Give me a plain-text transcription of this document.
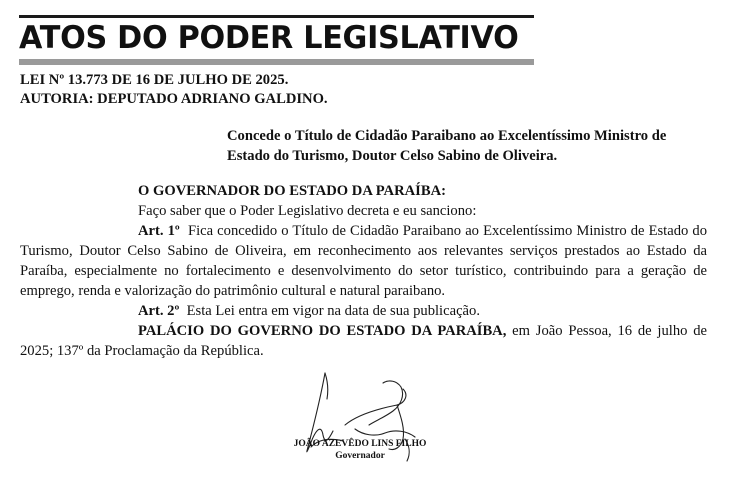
ATOS DO PODER LEGISLATIVO
LEI Nº 13.773 DE 16 DE JULHO DE 2025.
AUTORIA: DEPUTADO ADRIANO GALDINO.
Concede o Título de Cidadão Paraibano ao Excelentíssimo Ministro de Estado do Turismo, Doutor Celso Sabino de Oliveira.

O GOVERNADOR DO ESTADO DA PARAÍBA:

Faço saber que o Poder Legislativo decreta e eu sanciono:

Art. 1º Fica concedido o Título de Cidadão Paraibano ao Excelentíssimo Ministro de Estado do Turismo, Doutor Celso Sabino de Oliveira, em reconhecimento aos relevantes serviços prestados ao Estado da Paraíba, especialmente no fortalecimento e desenvolvimento do setor turístico, contribuindo para a geração de emprego, renda e valorização do patrimônio cultural e natural paraibano.

Art. 2º Esta Lei entra em vigor na data de sua publicação.

PALÁCIO DO GOVERNO DO ESTADO DA PARAÍBA, em João Pessoa, 16 de julho de 2025; 137º da Proclamação da República.

JOÃO AZEVÊDO LINS FILHO
Governador
